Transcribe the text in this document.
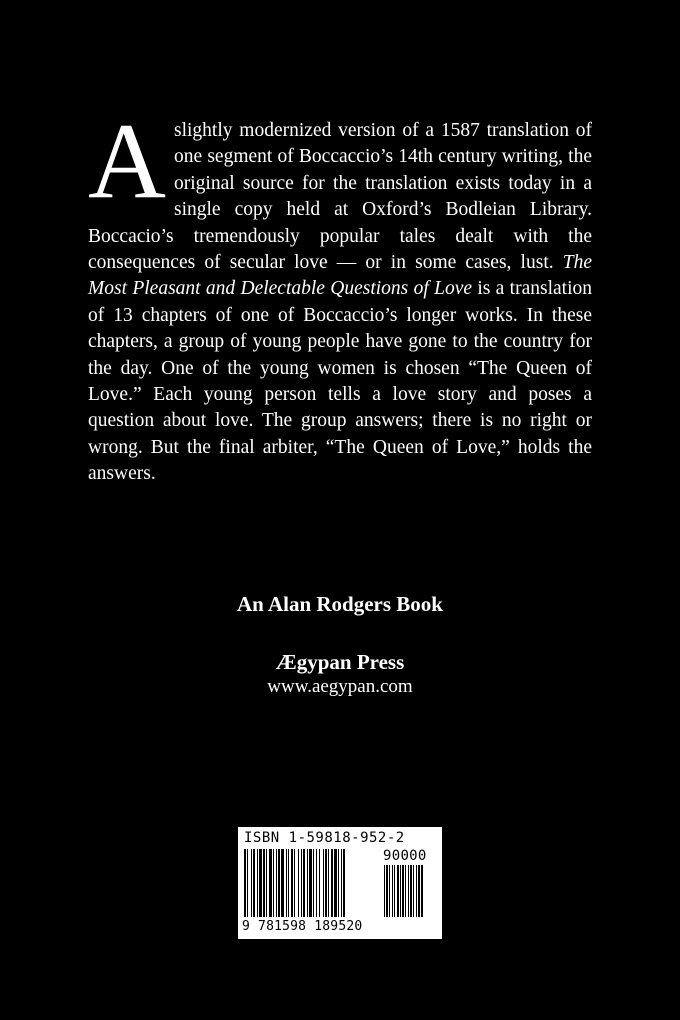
Aslightly modernized version of a 1587 translation of one segment of Boccaccio’s 14th century writing, the original source for the translation exists today in a single copy held at Oxford’s Bodleian Library. Boccacio’s tremendously popular tales dealt with the consequences of secular love — or in some cases, lust. The Most Pleasant and Delectable Questions of Love is a translation of 13 chapters of one of Boccaccio’s longer works. In these chapters, a group of young people have gone to the country for the day. One of the young women is chosen “The Queen of Love.” Each young person tells a love story and poses a question about love. The group answers; there is no right or wrong. But the final arbiter, “The Queen of Love,” holds the answers.

An Alan Rodgers Book
Ægypan Press
www.aegypan.com
ISBN 1-59818-952-2
90000
9 781598 189520
